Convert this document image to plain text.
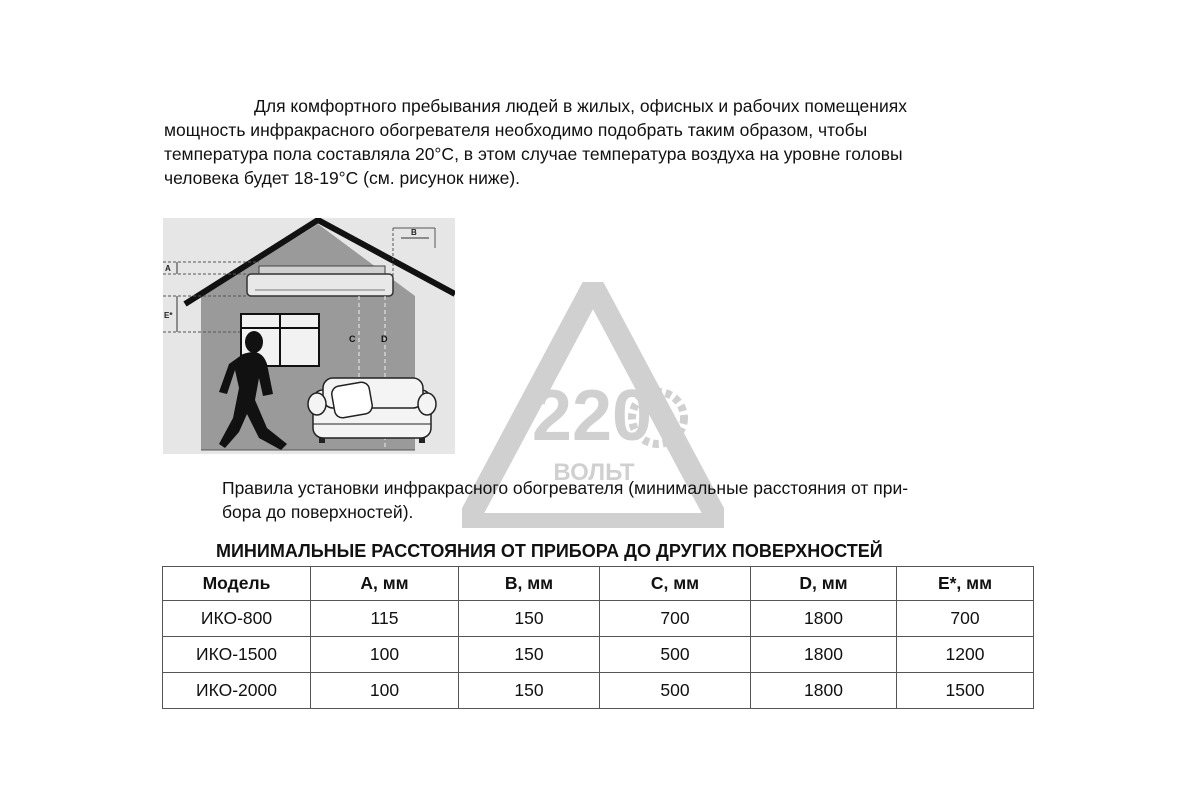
Для комфортного пребывания людей в жилых, офисных и рабочих помещениях
мощность инфракрасного обогревателя необходимо подобрать таким образом, чтобы
температура пола составляла 20°С, в этом случае температура воздуха на уровне головы
человека будет 18-19°С (см. рисунок ниже).
A
B
E*
C	D
220
ВОЛЬТ
Правила установки инфракрасного обогревателя (минимальные расстояния от при-
бора до поверхностей).
МИНИМАЛЬНЫЕ РАССТОЯНИЯ ОТ ПРИБОРА ДО ДРУГИХ ПОВЕРХНОСТЕЙ
Модель	A, мм	B, мм	C, мм	D, мм	E*, мм
ИКО-800	115	150	700	1800	700
ИКО-1500	100	150	500	1800	1200
ИКО-2000	100	150	500	1800	1500
